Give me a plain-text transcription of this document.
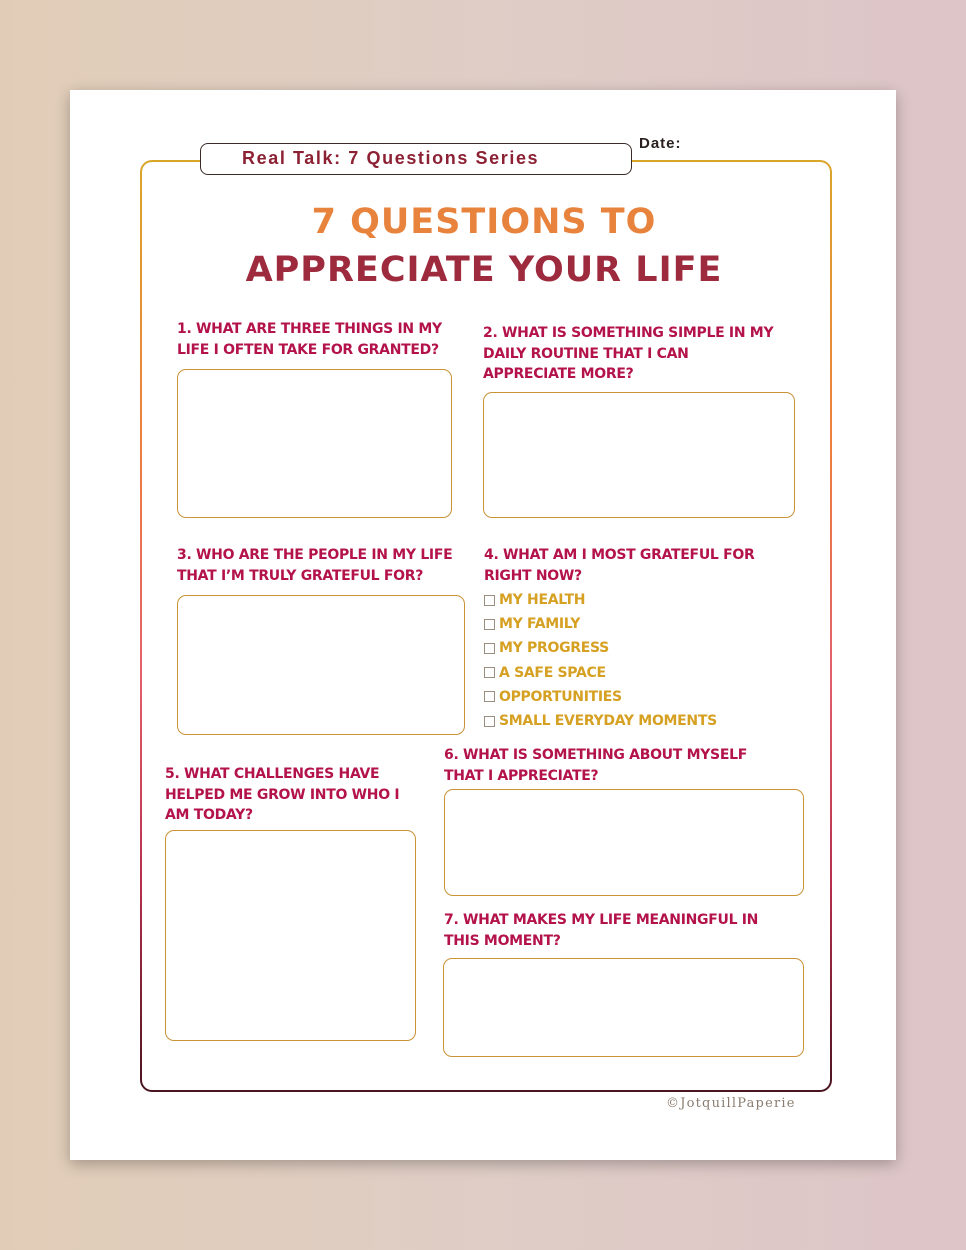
Real Talk: 7 Questions Series
Date:
7 QUESTIONS TO
APPRECIATE YOUR LIFE
1. WHAT ARE THREE THINGS IN MY
LIFE I OFTEN TAKE FOR GRANTED?
2. WHAT IS SOMETHING SIMPLE IN MY
DAILY ROUTINE THAT I CAN
APPRECIATE MORE?
3. WHO ARE THE PEOPLE IN MY LIFE
THAT I’M TRULY GRATEFUL FOR?
4. WHAT AM I MOST GRATEFUL FOR
RIGHT NOW?
MY HEALTH
MY FAMILY
MY PROGRESS
A SAFE SPACE
OPPORTUNITIES
SMALL EVERYDAY MOMENTS
5. WHAT CHALLENGES HAVE
HELPED ME GROW INTO WHO I
AM TODAY?
6. WHAT IS SOMETHING ABOUT MYSELF
THAT I APPRECIATE?
7. WHAT MAKES MY LIFE MEANINGFUL IN
THIS MOMENT?
©JotquillPaperie
